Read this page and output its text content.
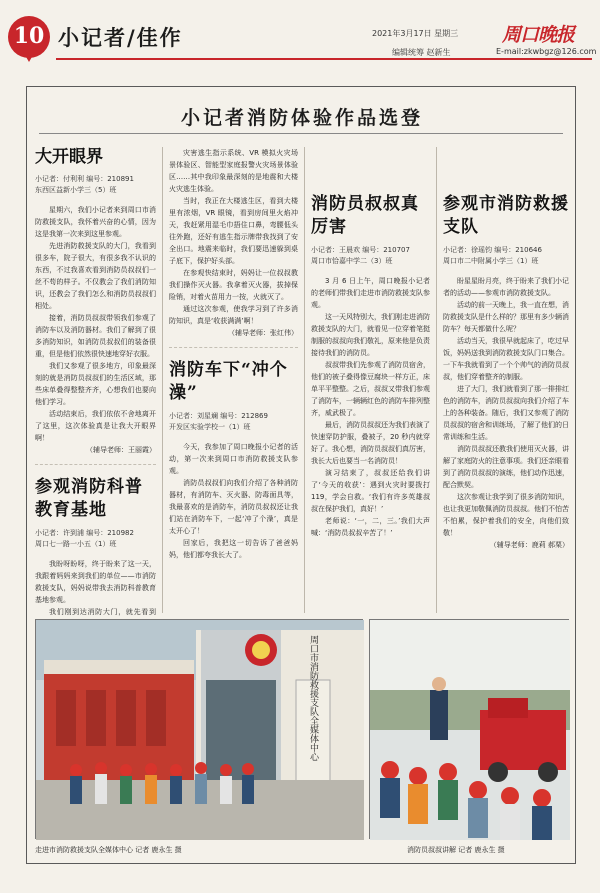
10 小记者/佳作	2021年3月17日 星期三
编辑统筹 赵新生
周口晚报
E-mail:zkwbgz@126.com
小记者消防体验作品选登
大开眼界
小记者：付利利 编号：210891
东西区益新小学三（5）班

星期六，我们小记者来到周口市消防救援支队，我怀着兴奋的心情，因为这是我第一次来到这里参观。

先进消防救援支队的大门，我看到很多车，院子很大，有很多我不认识的东西，不过我喜欢看到消防员叔叔们一丝不苟的样子。不仅教会了我们消防知识，还教会了我们怎么和消防员叔叔们相处。

接着，消防员叔叔带领我们参观了消防车以及消防器材。我们了解到了很多消防知识，如消防员叔叔们的装备很重，但是他们依然很快速地穿好衣服。

我们又参观了很多地方，印象最深刻的就是消防员叔叔们的生活区域，那些床单叠得整整齐齐，心想我们也要向他们学习。

活动结束后，我们依依不舍地离开了这里，这次体验真是让我大开眼界啊！

（辅导老师：王丽霞）

参观消防科普教育基地
小记者：许到浦 编号：210982
周口七一路一小五（1）班

我盼呀盼呀，终于盼来了这一天，我跟着妈妈来到我们的单位——市消防救援支队，妈妈说带我去消防科普教育基地参观。

我们刚到达消防大门，就先看到

灾害逃生指示系统、VR 模拟火灾场景体验区、智能型家庭报警火灾场景体验区……其中我印象最深刻的是地震和大楼火灾逃生体验。

当时，我正在大楼逃生区，看到大楼里有浓烟，VR 眼镜，看到房间里火焰冲天，我赶紧用湿毛巾捂住口鼻，弯腰低头往外跑，还好有逃生指示牌带我找到了安全出口。地震来临时，我们要迅速躲到桌子底下，保护好头部。

在参观快结束时，妈妈让一位叔叔教我们操作灭火器。我拿着灭火器，拔掉保险销，对着火苗用力一按，火就灭了。

通过这次参观，使我学习到了许多消防知识，真是‘收获满满’啊！

（辅导老师：张红伟）

消防车下“冲个澡”
小记者：刘星斓 编号：212869
开发区实验学校一（1）班

今天，我参加了周口晚报小记者的活动，第一次来到周口市消防救援支队参观。

消防员叔叔们向我们介绍了各种消防器材，有消防车、灭火器、防毒面具等，我最喜欢的是消防车，消防员叔叔还让我们站在消防车下，一起‘冲了个澡’，真是太开心了！

回家后，我把这一切告诉了爸爸妈妈，他们都夸我长大了。

消防员叔叔真厉害
小记者：王晨欢 编号：210707
周口市恰嘉中学二（3）班

3 月 6 日上午，周口晚报小记者的老师们带我们走进市消防救援支队参观。

这一天风特别大，我们刚走进消防救援支队的大门，就看见一位穿着笔挺制服的叔叔向我们敬礼，原来他是负责接待我们的消防员。

叔叔带我们先参观了消防员宿舍，他们的被子叠得像豆腐块一样方正，床单平平整整。之后，叔叔又带我们参观了消防车，一辆辆红色的消防车排列整齐，威武极了。

最后，消防员叔叔还为我们表演了快速穿防护服，叠被子，20 秒内就穿好了。我心想，消防员叔叔们真厉害，我长大后也要当一名消防员！

演习结束了，叔叔还给我们讲了‘今天的收获’：遇到火灾时要拨打 119，学会自救。‘我们有许多英雄叔叔在保护我们，真好！’

老师说：‘一，二，三。’我们大声喊：‘消防员叔叔辛苦了！’

参观市消防救援支队
小记者：徐瑶钧 编号：210646
周口市二中附属小学三（1）班

盼星星盼月亮，终于盼来了我们小记者的活动——参观市消防救援支队。

活动的前一天晚上，我一直在想，消防救援支队是什么样的？那里有多少辆消防车？每天都做什么呢？

活动当天，我很早就起床了，吃过早饭，妈妈送我到消防救援支队门口集合。一下车我就看到了一个个帅气的消防员叔叔，他们穿着整齐的制服。

进了大门，我们就看到了那一排排红色的消防车，消防员叔叔向我们介绍了车上的各种装备。随后，我们又参观了消防员叔叔的宿舍和训练场，了解了他们的日常训练和生活。

消防员叔叔还教我们使用灭火器，讲解了家庭防火的注意事项。我们还亲眼看到了消防员叔叔的演练，他们动作迅速，配合默契。

这次参观让我学到了很多消防知识，也让我更加敬佩消防员叔叔。他们不怕苦不怕累，保护着我们的安全，向他们致敬！

（辅导老师：鹿莉 郝栗）

周口市消防救援支队全媒体中心
走进市消防救援支队全媒体中心 记者 鹿永生 摄	消防员叔叔讲解 记者 鹿永生 摄
